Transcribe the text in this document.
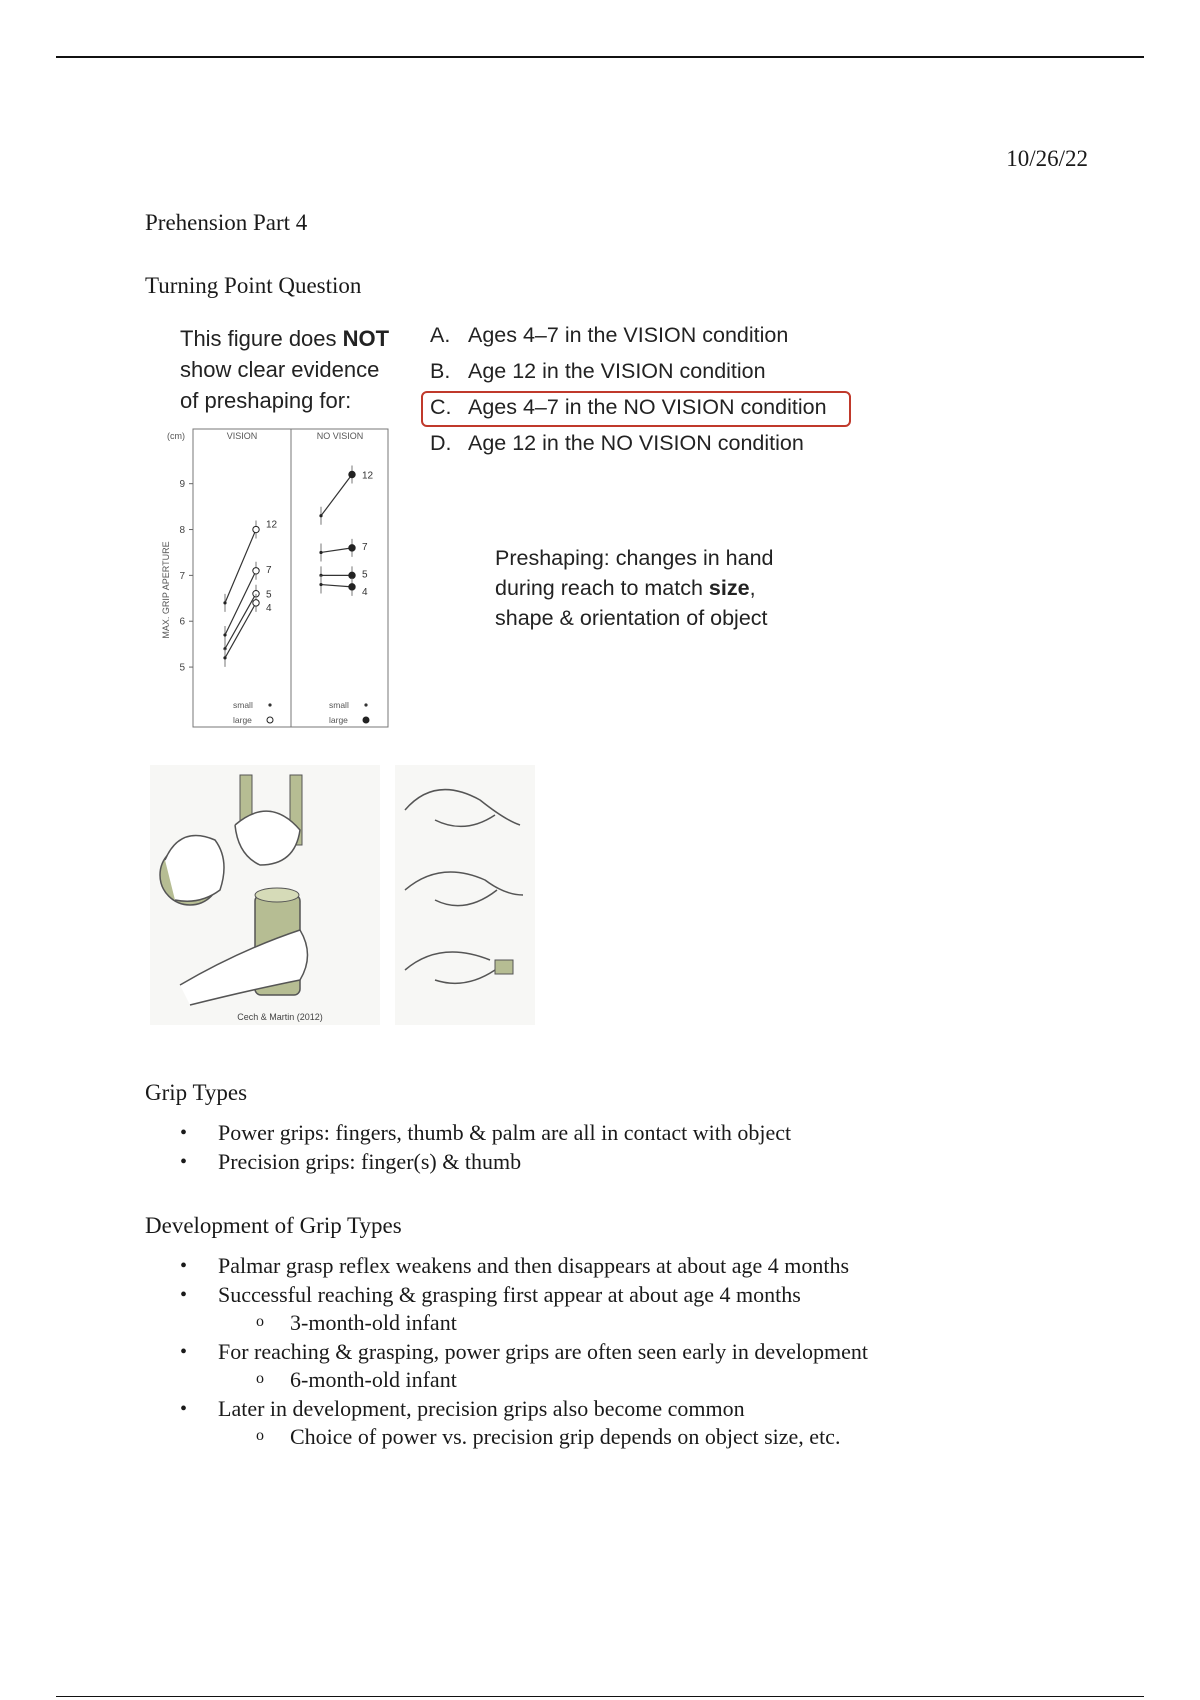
10/26/22
Prehension Part 4
Turning Point Question
This figure does NOT
show clear evidence
of preshaping for:
A. Ages 4–7 in the VISION condition
B. Age 12 in the VISION condition
C. Ages 4–7 in the NO VISION condition
D. Age 12 in the NO VISION condition
Preshaping: changes in hand
during reach to match size,
shape & orientation of object
(cm)
MAX. GRIP APERTURE
VISION	NO VISION
5
6
7
8
9
12
7
5
4
small
large
12
7
5
4
small
large
Cech & Martin (2012)
Grip Types
• Power grips: fingers, thumb & palm are all in contact with object
• Precision grips: finger(s) & thumb
Development of Grip Types
• Palmar grasp reflex weakens and then disappears at about age 4 months
• Successful reaching & grasping first appear at about age 4 months
o 3-month-old infant
• For reaching & grasping, power grips are often seen early in development
o 6-month-old infant
• Later in development, precision grips also become common
o Choice of power vs. precision grip depends on object size, etc.
